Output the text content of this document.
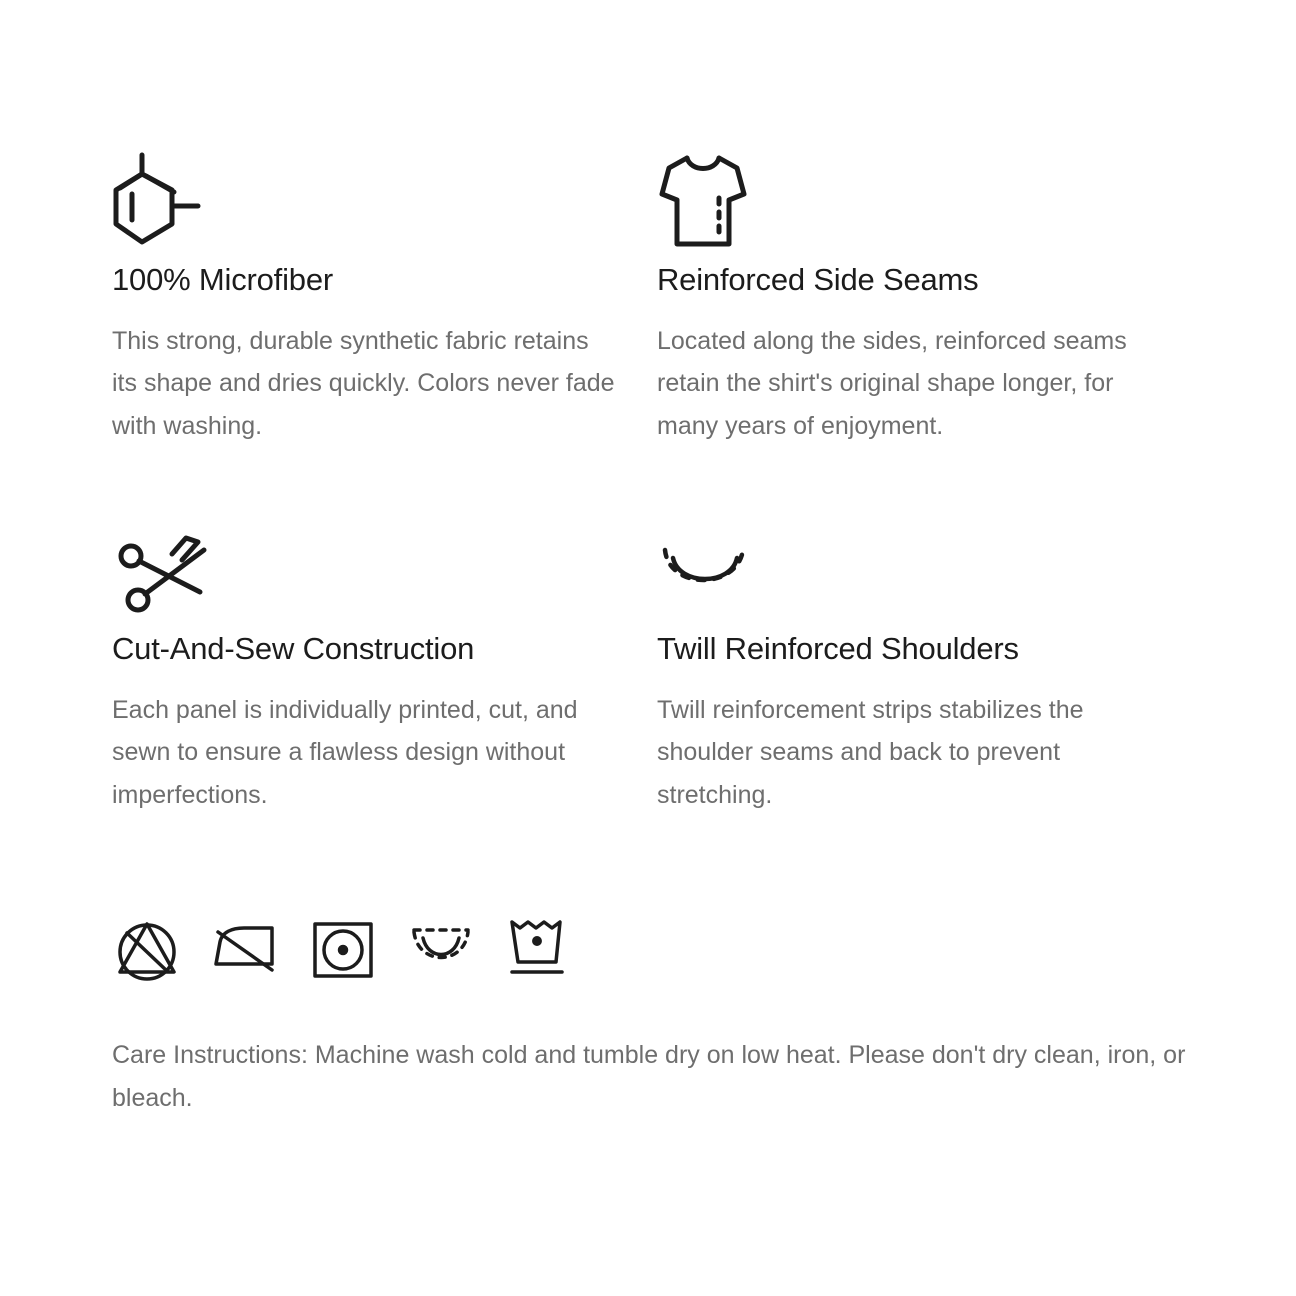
100% Microfiber

This strong, durable synthetic fabric retains its shape and dries quickly. Colors never fade with washing.

Reinforced Side Seams

Located along the sides, reinforced seams retain the shirt's original shape longer, for many years of enjoyment.

Cut-And-Sew Construction

Each panel is individually printed, cut, and sewn to ensure a flawless design without imperfections.

Twill Reinforced Shoulders

Twill reinforcement strips stabilizes the shoulder seams and back to prevent stretching.

Care Instructions: Machine wash cold and tumble dry on low heat. Please don't dry clean, iron, or bleach.
